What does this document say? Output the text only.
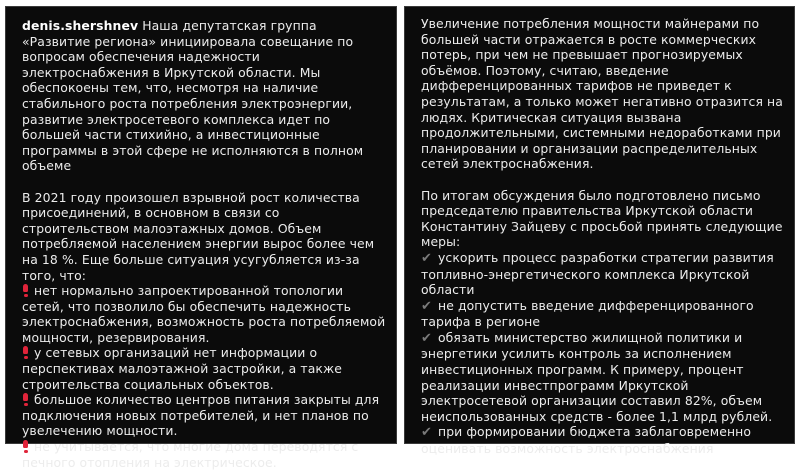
denis.shershnev Наша депутатская группа «Развитие региона» инициировала совещание по вопросам обеспечения надежности электроснабжения в Иркутской области. Мы обеспокоены тем, что, несмотря на наличие стабильного роста потребления электроэнергии, развитие электросетевого комплекса идет по большей части стихийно, а инвестиционные программы в этой сфере не исполняются в полном объеме

В 2021 году произошел взрывной рост количества присоединений, в основном в связи со строительством малоэтажных домов. Объем потребляемой населением энергии вырос более чем на 18 %. Еще больше ситуация усугубляется из-за того, что:

нет нормально запроектированной топологии сетей, что позволило бы обеспечить надежность электроснабжения, возможность роста потребляемой мощности, резервирования.

у сетевых организаций нет информации о перспективах малоэтажной застройки, а также строительства социальных объектов.

большое количество центров питания закрыты для подключения новых потребителей, и нет планов по увелечению мощности.

не учитывается, что многие дома переводятся с печного отопления на электрическое.

Увеличение потребления мощности майнерами по большей части отражается в росте коммерческих потерь, при чем не превышает прогнозируемых объёмов. Поэтому, считаю, введение дифференцированных тарифов не приведет к результатам, а только может негативно отразится на людях. Критическая ситуация вызвана продолжительными, системными недоработками при планировании и организации распределительных сетей электроснабжения.

По итогам обсуждения было подготовлено письмо председателю правительства Иркутской области Константину Зайцеву с просьбой принять следующие меры:

✔ ускорить процесс разработки стратегии развития топливно-энергетического комплекса Иркутской области

✔ не допустить введение дифференцированного тарифа в регионе

✔ обязать министерство жилищной политики и энергетики усилить контроль за исполнением инвестиционных программ. К примеру, процент реализации инвестпрограмм Иркутской электросетевой организации составил 82%, объем неиспользованных средств - более 1,1 млрд рублей.

✔ при формировании бюджета заблаговременно оценивать возможность электроснабжения
